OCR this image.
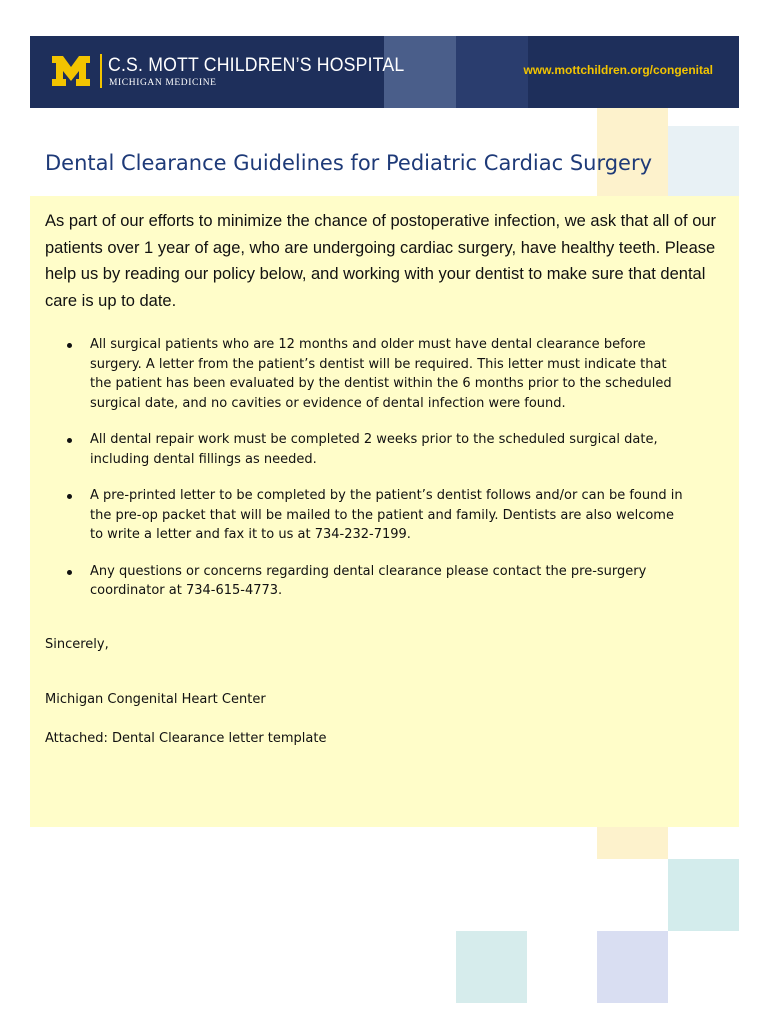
C.S. MOTT CHILDREN’S HOSPITAL
MICHIGAN MEDICINE
www.mottchildren.org/congenital
Dental Clearance Guidelines for Pediatric Cardiac Surgery

As part of our efforts to minimize the chance of postoperative infection, we ask that all of our patients over 1 year of age, who are undergoing cardiac surgery, have healthy teeth. Please help us by reading our policy below, and working with your dentist to make sure that dental care is up to date.

All surgical patients who are 12 months and older must have dental clearance before surgery. A letter from the patient’s dentist will be required. This letter must indicate that the patient has been evaluated by the dentist within the 6 months prior to the scheduled surgical date, and no cavities or evidence of dental infection were found.
All dental repair work must be completed 2 weeks prior to the scheduled surgical date, including dental fillings as needed.
A pre-printed letter to be completed by the patient’s dentist follows and/or can be found in the pre-op packet that will be mailed to the patient and family. Dentists are also welcome to write a letter and fax it to us at 734-232-7199.
Any questions or concerns regarding dental clearance please contact the pre-surgery coordinator at 734-615-4773.

Sincerely,

Michigan Congenital Heart Center

Attached: Dental Clearance letter template
